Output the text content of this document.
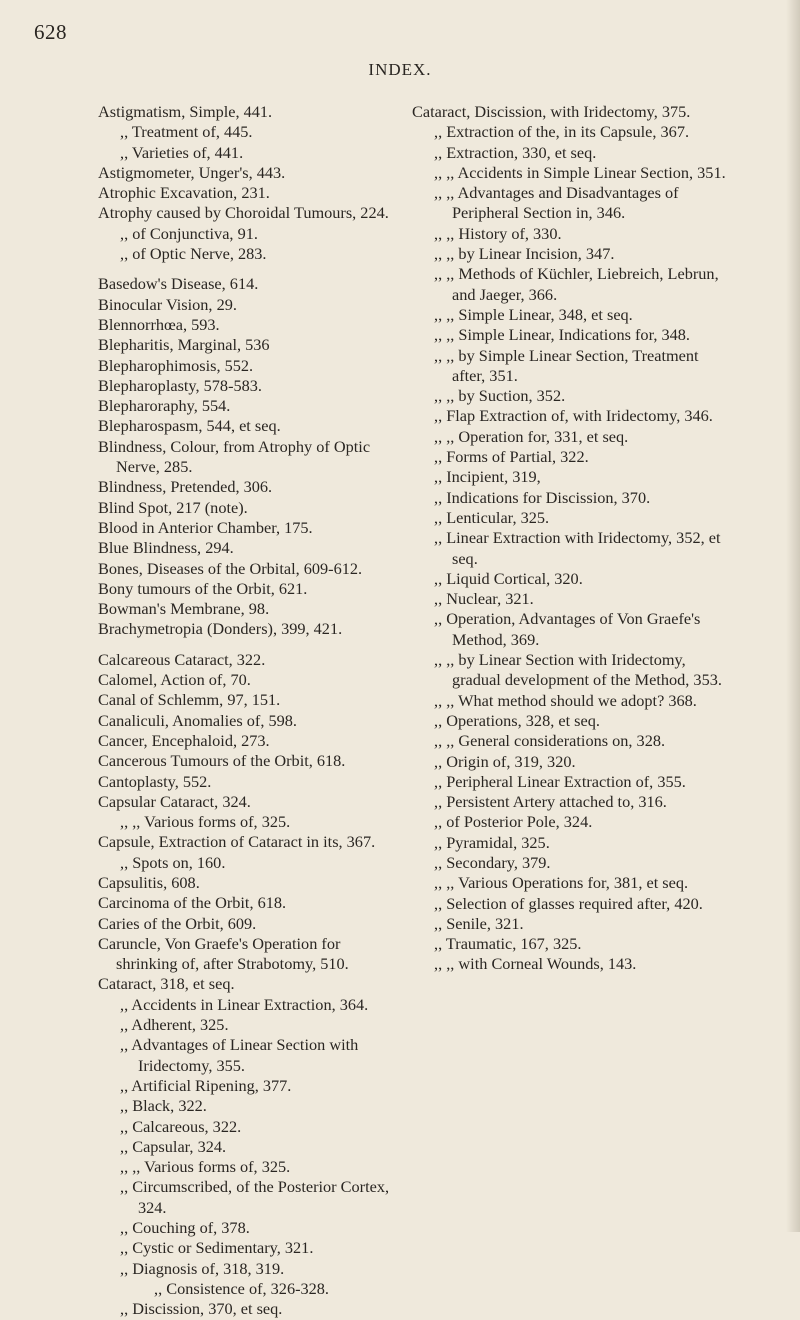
628
INDEX.

Astigmatism, Simple, 441.

,, Treatment of, 445.

,, Varieties of, 441.

Astigmometer, Unger's, 443.

Atrophic Excavation, 231.

Atrophy caused by Choroidal Tumours, 224.

,, of Conjunctiva, 91.

,, of Optic Nerve, 283.

Basedow's Disease, 614.

Binocular Vision, 29.

Blennorrhœa, 593.

Blepharitis, Marginal, 536

Blepharophimosis, 552.

Blepharoplasty, 578-583.

Blepharoraphy, 554.

Blepharospasm, 544, et seq.

Blindness, Colour, from Atrophy of Optic Nerve, 285.

Blindness, Pretended, 306.

Blind Spot, 217 (note).

Blood in Anterior Chamber, 175.

Blue Blindness, 294.

Bones, Diseases of the Orbital, 609-612.

Bony tumours of the Orbit, 621.

Bowman's Membrane, 98.

Brachymetropia (Donders), 399, 421.

Calcareous Cataract, 322.

Calomel, Action of, 70.

Canal of Schlemm, 97, 151.

Canaliculi, Anomalies of, 598.

Cancer, Encephaloid, 273.

Cancerous Tumours of the Orbit, 618.

Cantoplasty, 552.

Capsular Cataract, 324.

,, ,, Various forms of, 325.

Capsule, Extraction of Cataract in its, 367.

,, Spots on, 160.

Capsulitis, 608.

Carcinoma of the Orbit, 618.

Caries of the Orbit, 609.

Caruncle, Von Graefe's Operation for shrinking of, after Strabotomy, 510.

Cataract, 318, et seq.

,, Accidents in Linear Extraction, 364.

,, Adherent, 325.

,, Advantages of Linear Section with Iridectomy, 355.

,, Artificial Ripening, 377.

,, Black, 322.

,, Calcareous, 322.

,, Capsular, 324.

,, ,, Various forms of, 325.

,, Circumscribed, of the Posterior Cortex, 324.

,, Couching of, 378.

,, Cystic or Sedimentary, 321.

,, Diagnosis of, 318, 319.

,, Consistence of, 326-328.

,, Discission, 370, et seq.

Cataract, Discission, with Iridectomy, 375.

,, Extraction of the, in its Capsule, 367.

,, Extraction, 330, et seq.

,, ,, Accidents in Simple Linear Section, 351.

,, ,, Advantages and Disadvantages of Peripheral Section in, 346.

,, ,, History of, 330.

,, ,, by Linear Incision, 347.

,, ,, Methods of Küchler, Liebreich, Lebrun, and Jaeger, 366.

,, ,, Simple Linear, 348, et seq.

,, ,, Simple Linear, Indications for, 348.

,, ,, by Simple Linear Section, Treatment after, 351.

,, ,, by Suction, 352.

,, Flap Extraction of, with Iridectomy, 346.

,, ,, Operation for, 331, et seq.

,, Forms of Partial, 322.

,, Incipient, 319,

,, Indications for Discission, 370.

,, Lenticular, 325.

,, Linear Extraction with Iridectomy, 352, et seq.

,, Liquid Cortical, 320.

,, Nuclear, 321.

,, Operation, Advantages of Von Graefe's Method, 369.

,, ,, by Linear Section with Iridectomy, gradual development of the Method, 353.

,, ,, What method should we adopt? 368.

,, Operations, 328, et seq.

,, ,, General considerations on, 328.

,, Origin of, 319, 320.

,, Peripheral Linear Extraction of, 355.

,, Persistent Artery attached to, 316.

,, of Posterior Pole, 324.

,, Pyramidal, 325.

,, Secondary, 379.

,, ,, Various Operations for, 381, et seq.

,, Selection of glasses required after, 420.

,, Senile, 321.

,, Traumatic, 167, 325.

,, ,, with Corneal Wounds, 143.
